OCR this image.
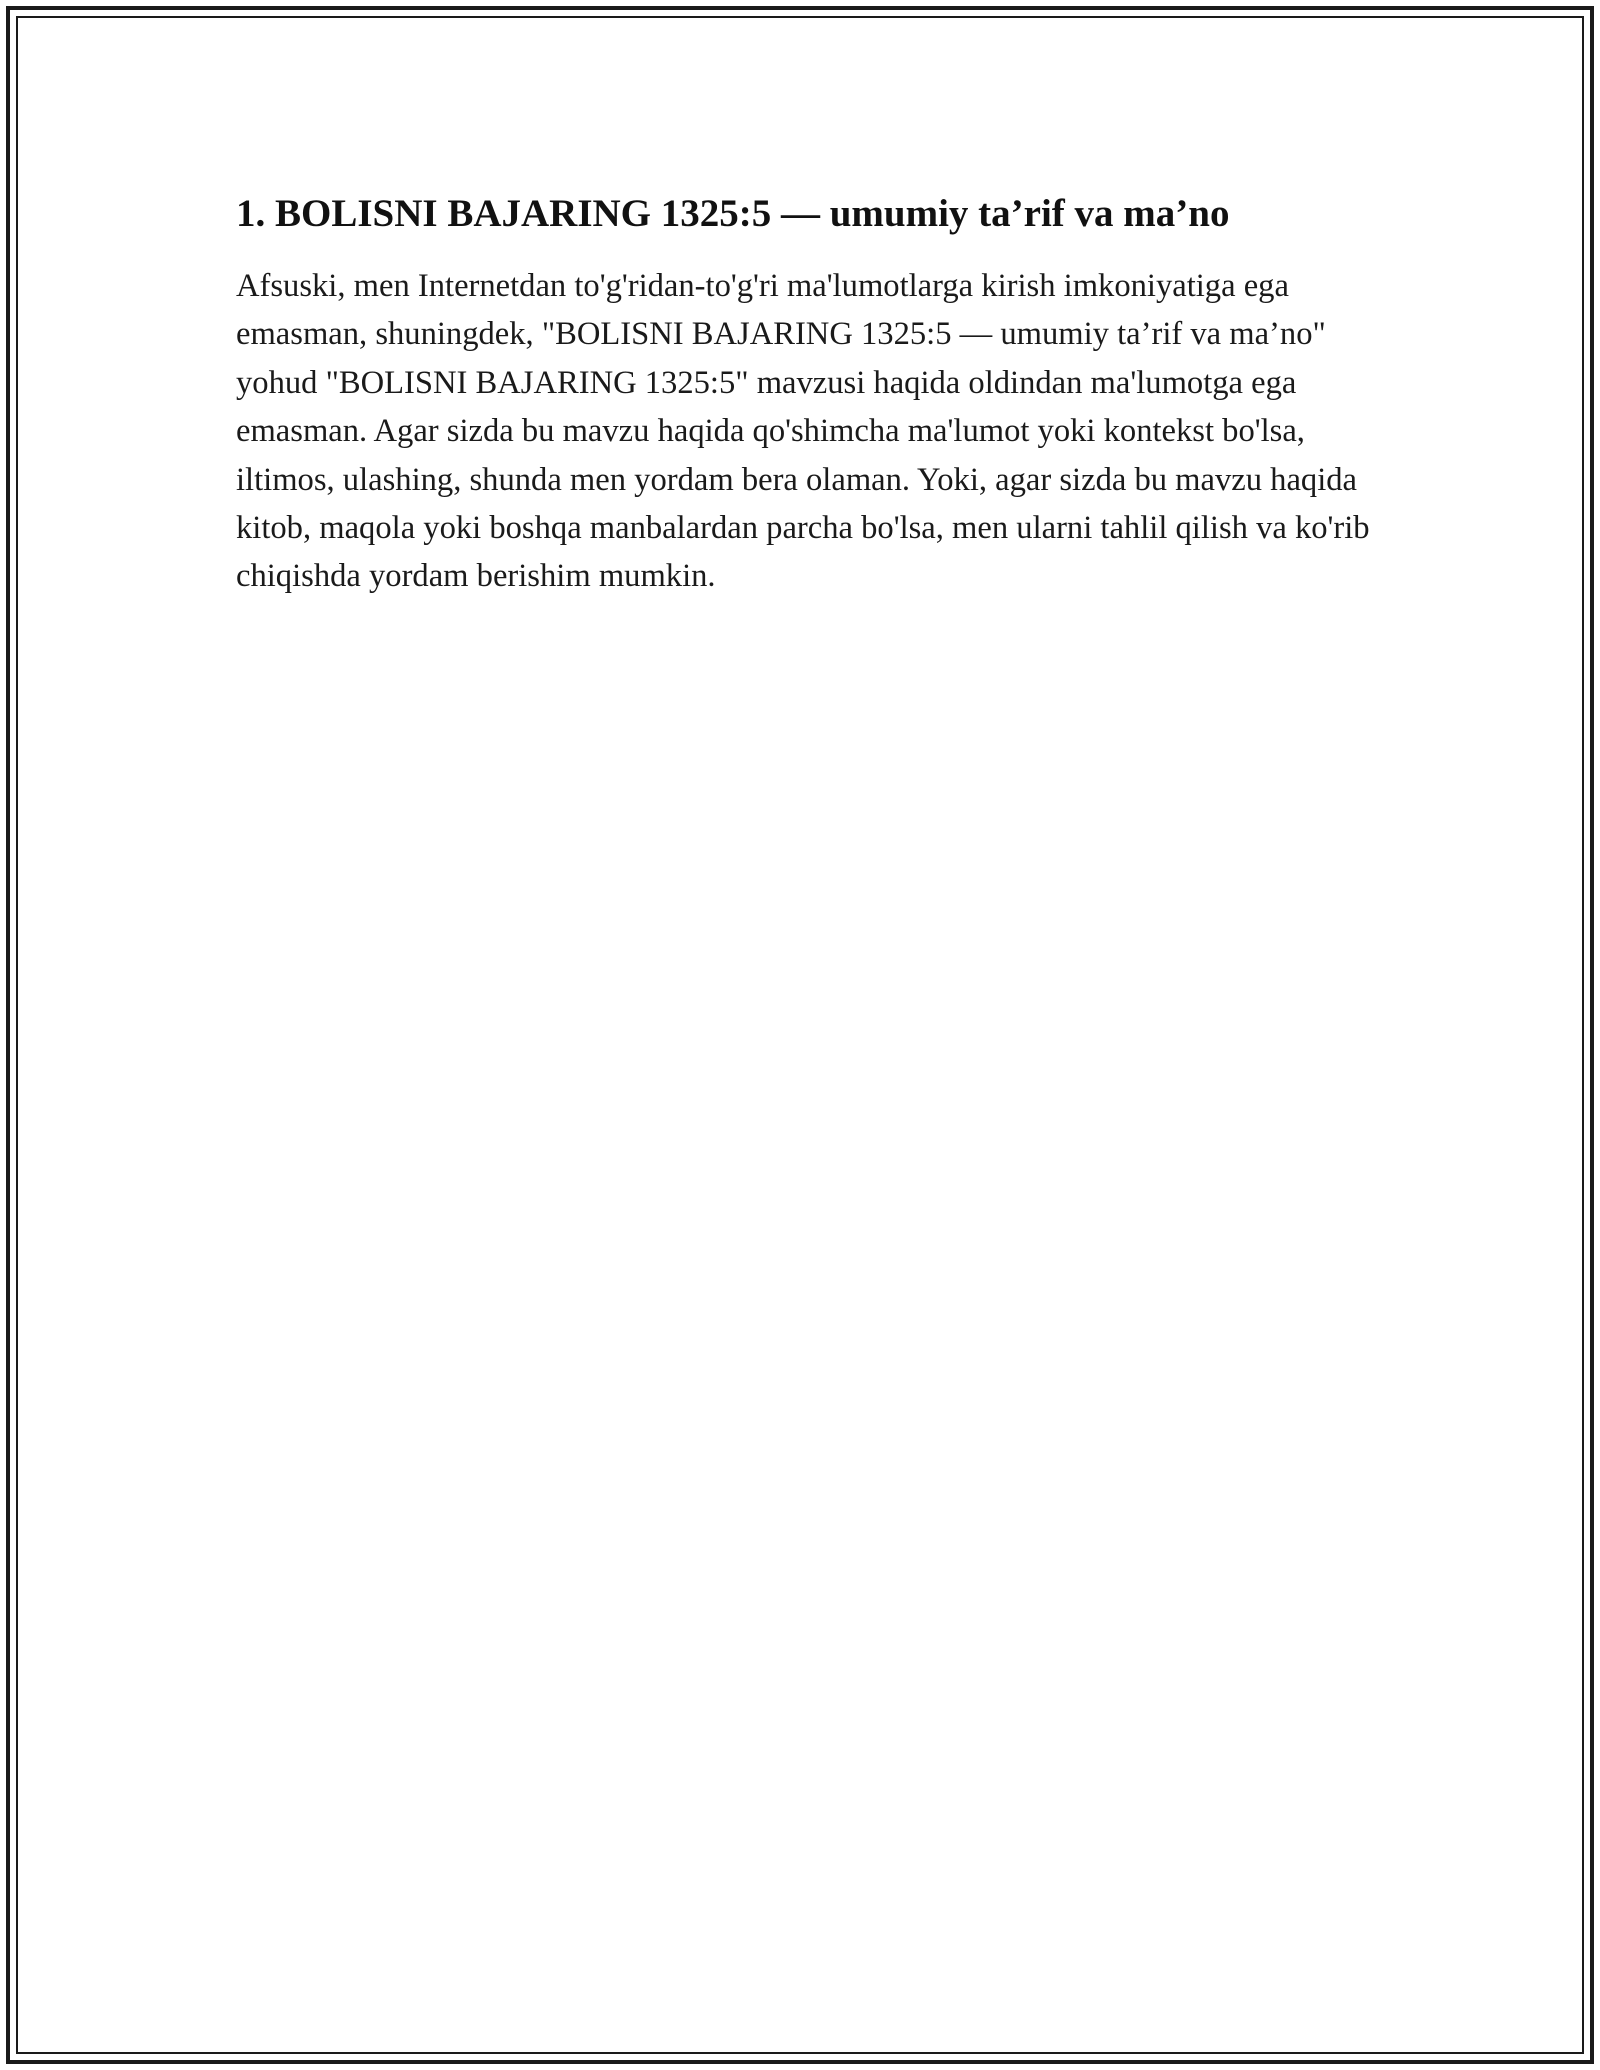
1. BOLISNI BAJARING 1325:5 — umumiy ta’rif va ma’no

Afsuski, men Internetdan to'g'ridan-to'g'ri ma'lumotlarga kirish imkoniyatiga ega emasman, shuningdek, "BOLISNI BAJARING 1325:5 — umumiy ta’rif va ma’no" yohud "BOLISNI BAJARING 1325:5" mavzusi haqida oldindan ma'lumotga ega emasman. Agar sizda bu mavzu haqida qo'shimcha ma'lumot yoki kontekst bo'lsa, iltimos, ulashing, shunda men yordam bera olaman. Yoki, agar sizda bu mavzu haqida kitob, maqola yoki boshqa manbalardan parcha bo'lsa, men ularni tahlil qilish va ko'rib chiqishda yordam berishim mumkin.
